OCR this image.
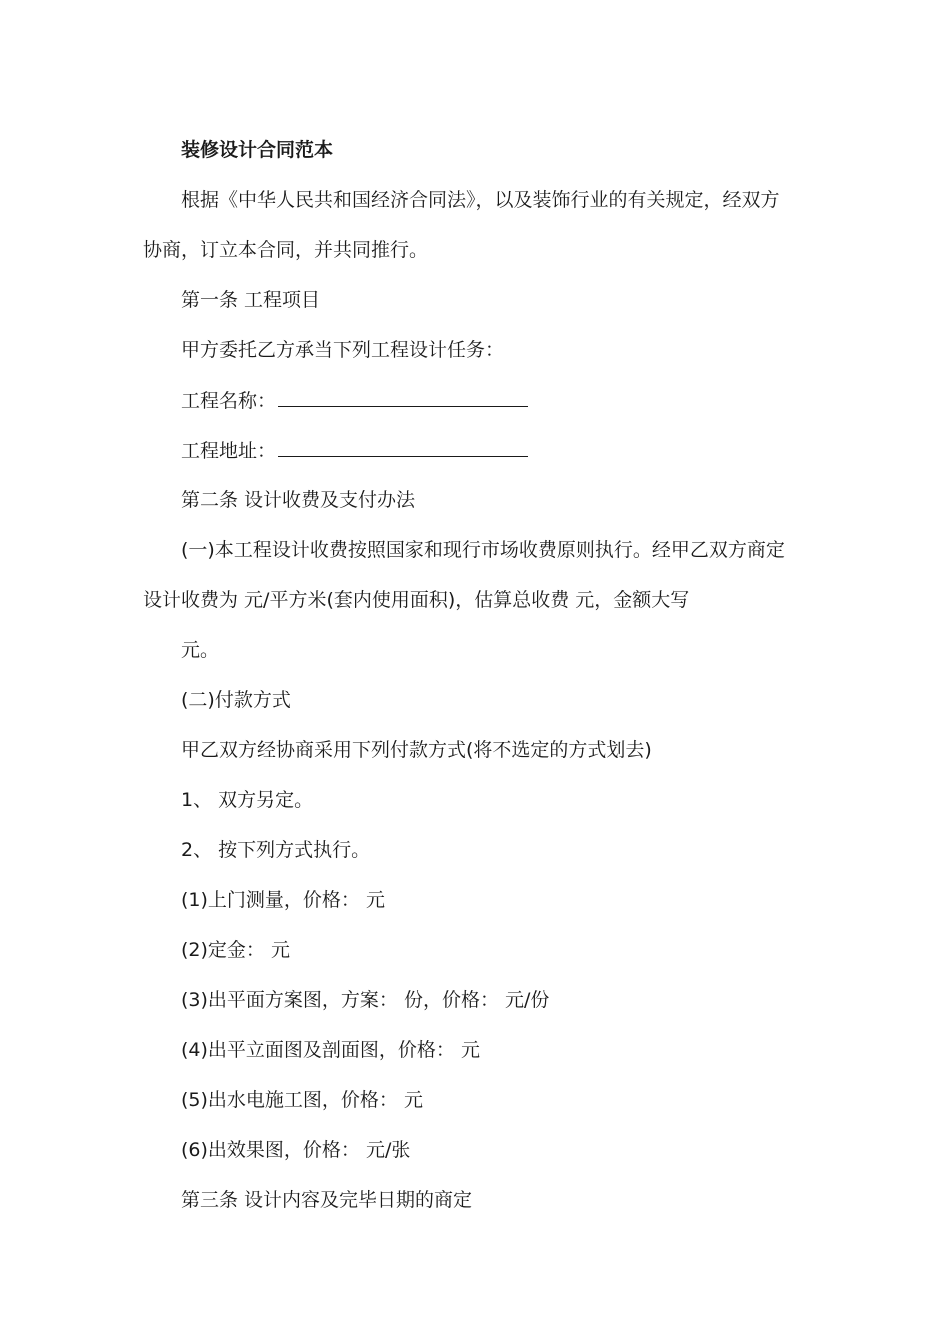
装修设计合同范本
根据《中华人民共和国经济合同法》，以及装饰行业的有关规定，经双方
协商，订立本合同，并共同推行。
第一条 工程项目
甲方委托乙方承当下列工程设计任务：
工程名称：
工程地址：
第二条 设计收费及支付办法
(一)本工程设计收费按照国家和现行市场收费原则执行。经甲乙双方商定
设计收费为 元/平方米(套内使用面积)，估算总收费 元，金额大写
元。
(二)付款方式
甲乙双方经协商采用下列付款方式(将不选定的方式划去)
1、 双方另定。
2、 按下列方式执行。
(1)上门测量，价格： 元
(2)定金： 元
(3)出平面方案图，方案： 份，价格： 元/份
(4)出平立面图及剖面图，价格： 元
(5)出水电施工图，价格： 元
(6)出效果图，价格： 元/张
第三条 设计内容及完毕日期的商定
